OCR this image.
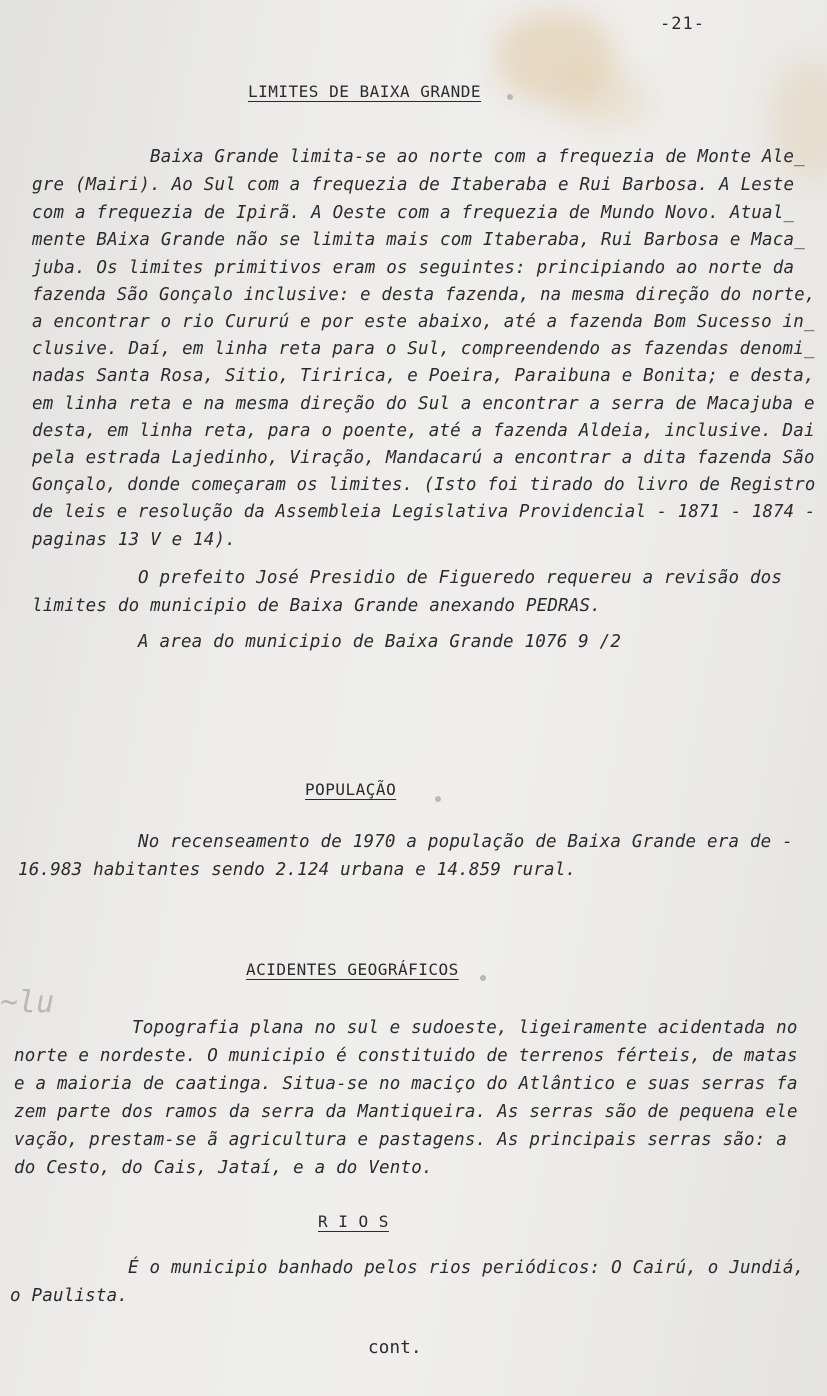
-21-
LIMITES DE BAIXA GRANDE
Baixa Grande limita-se ao norte com a frequezia de Monte Ale_
gre (Mairi). Ao Sul com a frequezia de Itaberaba e Rui Barbosa. A Leste
com a frequezia de Ipirã. A Oeste com a frequezia de Mundo Novo. Atual_
mente BAixa Grande não se limita mais com Itaberaba, Rui Barbosa e Maca_
juba. Os limites primitivos eram os seguintes: principiando ao norte da
fazenda São Gonçalo inclusive: e desta fazenda, na mesma direção do norte,
a encontrar o rio Cururú e por este abaixo, até a fazenda Bom Sucesso in_
clusive. Daí, em linha reta para o Sul, compreendendo as fazendas denomi_
nadas Santa Rosa, Sitio, Tiririca, e Poeira, Paraibuna e Bonita; e desta,
em linha reta e na mesma direção do Sul a encontrar a serra de Macajuba e
desta, em linha reta, para o poente, até a fazenda Aldeia, inclusive. Dai
pela estrada Lajedinho, Viração, Mandacarú a encontrar a dita fazenda São
Gonçalo, donde começaram os limites. (Isto foi tirado do livro de Registro
de leis e resolução da Assembleia Legislativa Providencial - 1871 - 1874 -
paginas 13 V e 14).
O prefeito José Presidio de Figueredo requereu a revisão dos
limites do municipio de Baixa Grande anexando PEDRAS.
A area do municipio de Baixa Grande 1076 9 /2
POPULAÇÃO
No recenseamento de 1970 a população de Baixa Grande era de -
16.983 habitantes sendo 2.124 urbana e 14.859 rural.
ACIDENTES GEOGRÁFICOS
~lu
Topografia plana no sul e sudoeste, ligeiramente acidentada no
norte e nordeste. O municipio é constituido de terrenos férteis, de matas
e a maioria de caatinga. Situa-se no maciço do Atlântico e suas serras fa
zem parte dos ramos da serra da Mantiqueira. As serras são de pequena ele
vação, prestam-se ã agricultura e pastagens. As principais serras são: a
do Cesto, do Cais, Jataí, e a do Vento.
R I O S
É o municipio banhado pelos rios periódicos: O Cairú, o Jundiá,
o Paulista.
cont.
